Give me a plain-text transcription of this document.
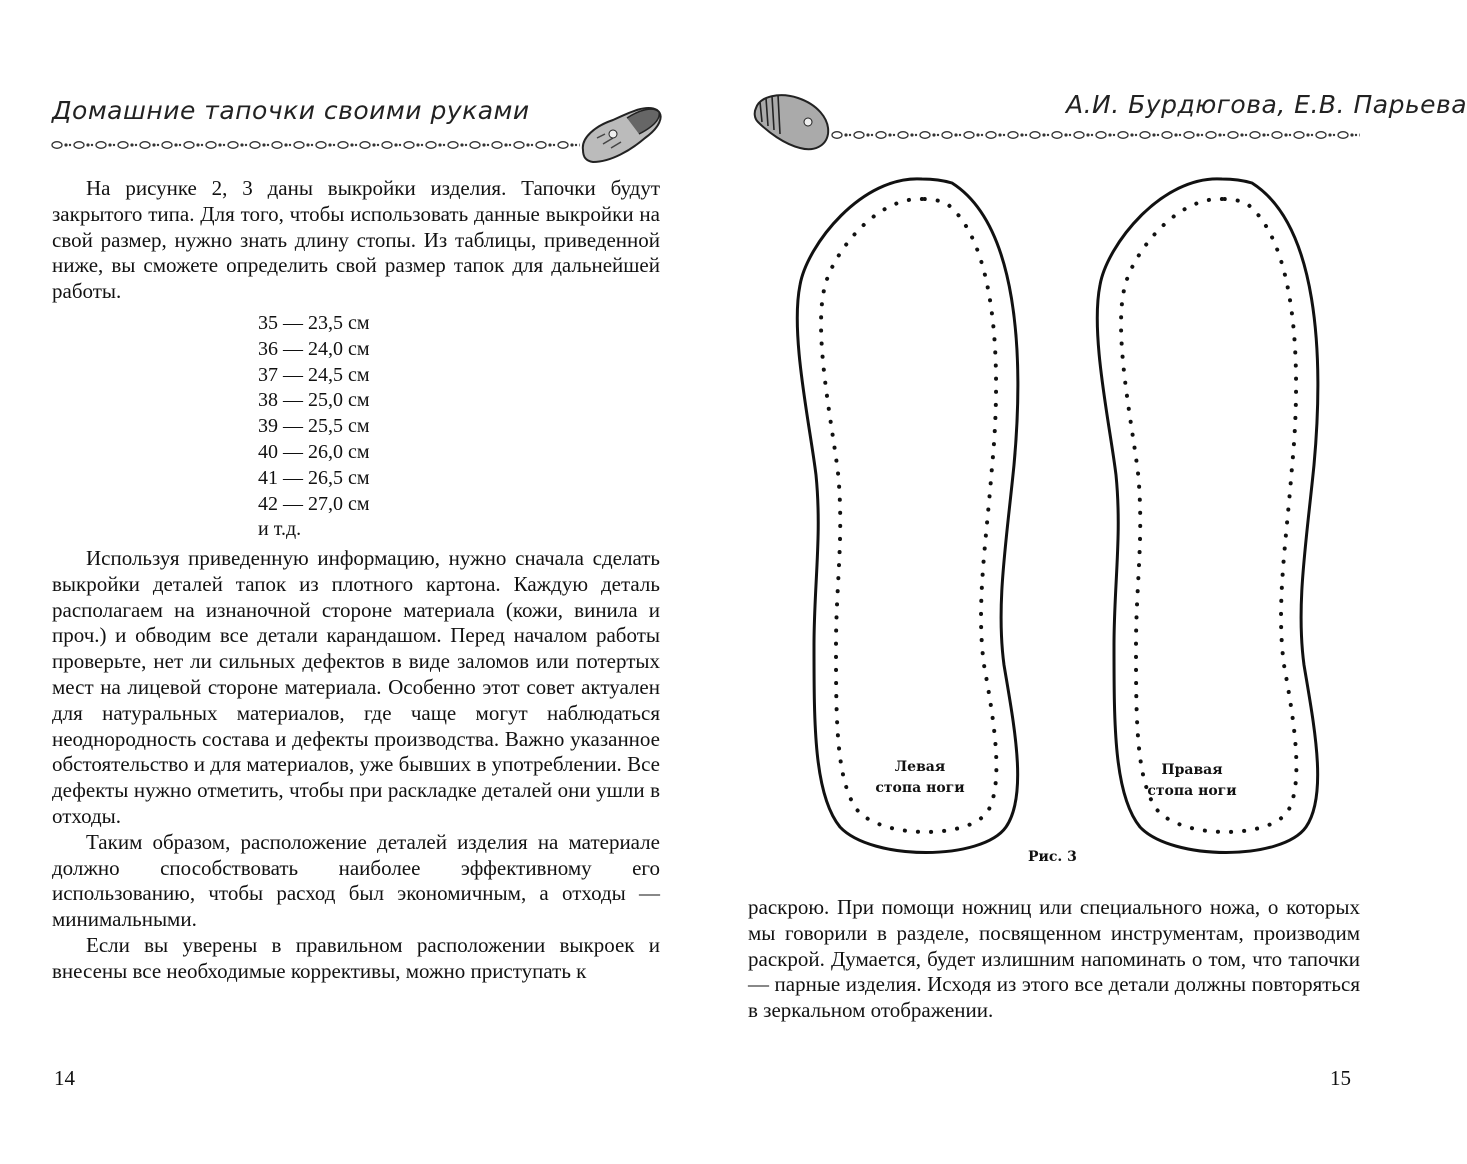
Домашние тапочки своими руками

На рисунке 2, 3 даны выкройки изделия. Тапочки будут закрытого типа. Для того, чтобы использовать данные выкройки на свой размер, нужно знать длину стопы. Из таблицы, приведенной ниже, вы сможете определить свой размер тапок для дальнейшей работы.

35 — 23,5 см
36 — 24,0 см
37 — 24,5 см
38 — 25,0 см
39 — 25,5 см
40 — 26,0 см
41 — 26,5 см
42 — 27,0 см
и т.д.

Используя приведенную информацию, нужно сначала сделать выкройки деталей тапок из плотного картона. Каждую деталь располагаем на изнаночной стороне материала (кожи, винила и проч.) и обводим все детали карандашом. Перед началом работы проверьте, нет ли сильных дефектов в виде заломов или потертых мест на лицевой стороне материала. Особенно этот совет актуален для натуральных материалов, где чаще могут наблюдаться неоднородность состава и дефекты производства. Важно указанное обстоятельство и для материалов, уже бывших в употреблении. Все дефекты нужно отметить, чтобы при раскладке деталей они ушли в отходы.

Таким образом, расположение деталей изделия на материале должно способствовать наиболее эффективному его использованию, чтобы расход был экономичным, а отходы — минимальными.

Если вы уверены в правильном расположении выкроек и внесены все необходимые коррективы, можно приступать к

14
А.И. Бурдюгова, Е.В. Парьева
Левая
стопа ноги
Правая
стопа ноги
Рис. 3

раскрою. При помощи ножниц или специального ножа, о которых мы говорили в разделе, посвященном инструментам, производим раскрой. Думается, будет излишним напоминать о том, что тапочки — парные изделия. Исходя из этого все детали должны повторяться в зеркальном отображении.

15
